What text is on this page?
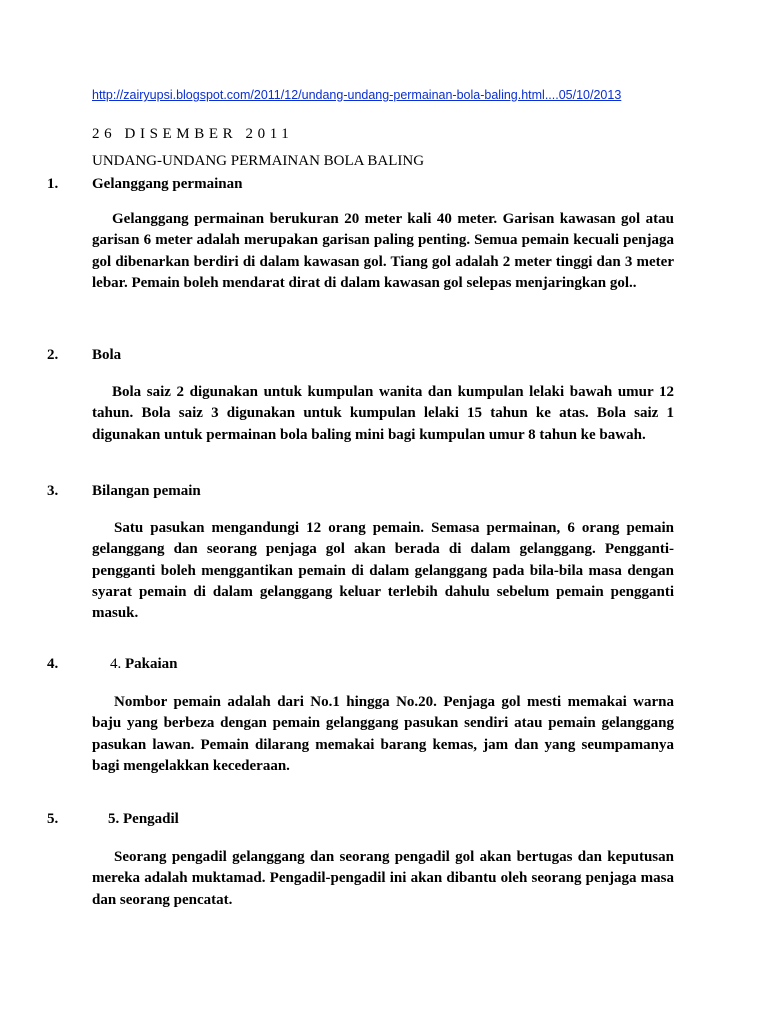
http://zairyupsi.blogspot.com/2011/12/undang-undang-permainan-bola-baling.html....05/10/2013
26 DISEMBER 2011
UNDANG-UNDANG PERMAINAN BOLA BALING
1. Gelanggang permainan
Gelanggang permainan berukuran 20 meter kali 40 meter. Garisan kawasan gol atau garisan 6 meter adalah merupakan garisan paling penting. Semua pemain kecuali penjaga gol dibenarkan berdiri di dalam kawasan gol. Tiang gol adalah 2 meter tinggi dan 3 meter lebar. Pemain boleh mendarat dirat di dalam kawasan gol selepas menjaringkan gol..
2. Bola
Bola saiz 2 digunakan untuk kumpulan wanita dan kumpulan lelaki bawah umur 12 tahun. Bola saiz 3 digunakan untuk kumpulan lelaki 15 tahun ke atas. Bola saiz 1 digunakan untuk permainan bola baling mini bagi kumpulan umur 8 tahun ke bawah.
3. Bilangan pemain
Satu pasukan mengandungi 12 orang pemain. Semasa permainan, 6 orang pemain gelanggang dan seorang penjaga gol akan berada di dalam gelanggang. Pengganti-pengganti boleh menggantikan pemain di dalam gelanggang pada bila-bila masa dengan syarat pemain di dalam gelanggang keluar terlebih dahulu sebelum pemain pengganti masuk.
4.	4. Pakaian
Nombor pemain adalah dari No.1 hingga No.20. Penjaga gol mesti memakai warna baju yang berbeza dengan pemain gelanggang pasukan sendiri atau pemain gelanggang pasukan lawan. Pemain dilarang memakai barang kemas, jam dan yang seumpamanya bagi mengelakkan kecederaan.
5.	5. Pengadil
Seorang pengadil gelanggang dan seorang pengadil gol akan bertugas dan keputusan mereka adalah muktamad. Pengadil-pengadil ini akan dibantu oleh seorang penjaga masa dan seorang pencatat.
